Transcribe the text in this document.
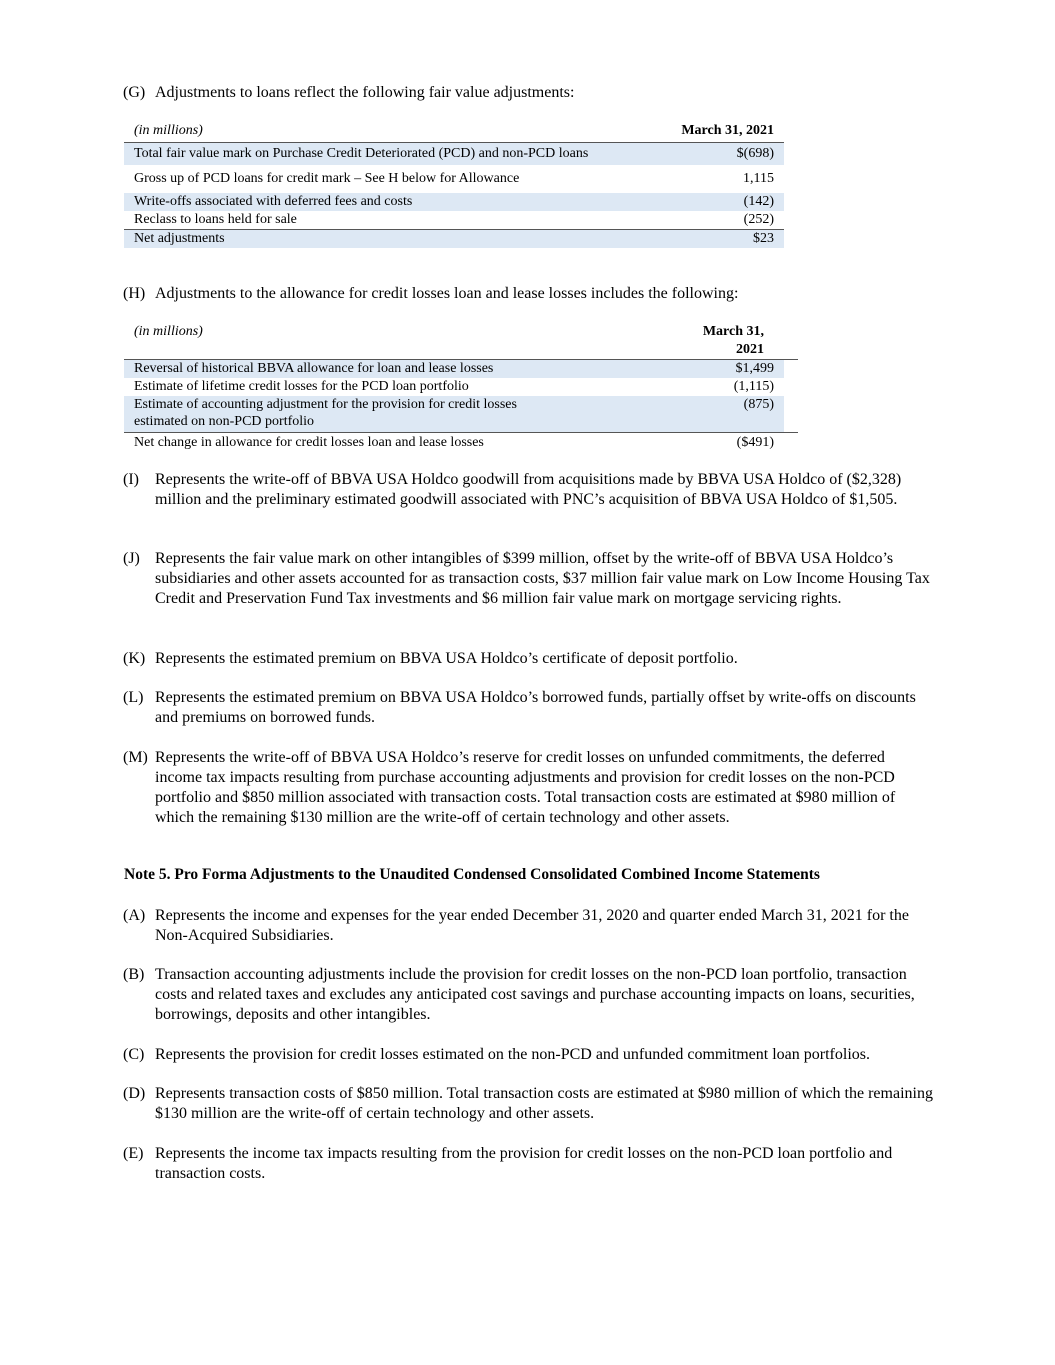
(G) Adjustments to loans reflect the following fair value adjustments:
(in millions)	March 31, 2021
Total fair value mark on Purchase Credit Deteriorated (PCD) and non-PCD loans	$(698)
Gross up of PCD loans for credit mark – See H below for Allowance	1,115
Write-offs associated with deferred fees and costs	(142)
Reclass to loans held for sale	(252)
Net adjustments	$23
(H) Adjustments to the allowance for credit losses loan and lease losses includes the following:
(in millions)	March 31, 2021
Reversal of historical BBVA allowance for loan and lease losses	$1,499
Estimate of lifetime credit losses for the PCD loan portfolio	(1,115)

Estimate of accounting adjustment for the provision for credit losses
estimated on non-PCD portfolio	(875)
Net change in allowance for credit losses loan and lease losses	($491)
(I)	Represents the write-off of BBVA USA Holdco goodwill from acquisitions made by BBVA USA Holdco of ($2,328) million and the preliminary estimated goodwill associated with PNC’s acquisition of BBVA USA Holdco of $1,505.
(J) Represents the fair value mark on other intangibles of $399 million, offset by the write-off of BBVA USA Holdco’s subsidiaries and other assets accounted for as transaction costs, $37 million fair value mark on Low Income Housing Tax Credit and Preservation Fund Tax investments and $6 million fair value mark on mortgage servicing rights.
(K) Represents the estimated premium on BBVA USA Holdco’s certificate of deposit portfolio.
(L) Represents the estimated premium on BBVA USA Holdco’s borrowed funds, partially offset by write-offs on discounts and premiums on borrowed funds.
(M) Represents the write-off of BBVA USA Holdco’s reserve for credit losses on unfunded commitments, the deferred income tax impacts resulting from purchase accounting adjustments and provision for credit losses on the non-PCD portfolio and $850 million associated with transaction costs. Total transaction costs are estimated at $980 million of which the remaining $130 million are the write-off of certain technology and other assets.
Note 5. Pro Forma Adjustments to the Unaudited Condensed Consolidated Combined Income Statements
(A) Represents the income and expenses for the year ended December 31, 2020 and quarter ended March 31, 2021 for the Non-Acquired Subsidiaries.
(B) Transaction accounting adjustments include the provision for credit losses on the non-PCD loan portfolio, transaction costs and related taxes and excludes any anticipated cost savings and purchase accounting impacts on loans, securities, borrowings, deposits and other intangibles.
(C) Represents the provision for credit losses estimated on the non-PCD and unfunded commitment loan portfolios.
(D) Represents transaction costs of $850 million. Total transaction costs are estimated at $980 million of which the remaining $130 million are the write-off of certain technology and other assets.
(E) Represents the income tax impacts resulting from the provision for credit losses on the non-PCD loan portfolio and transaction costs.
